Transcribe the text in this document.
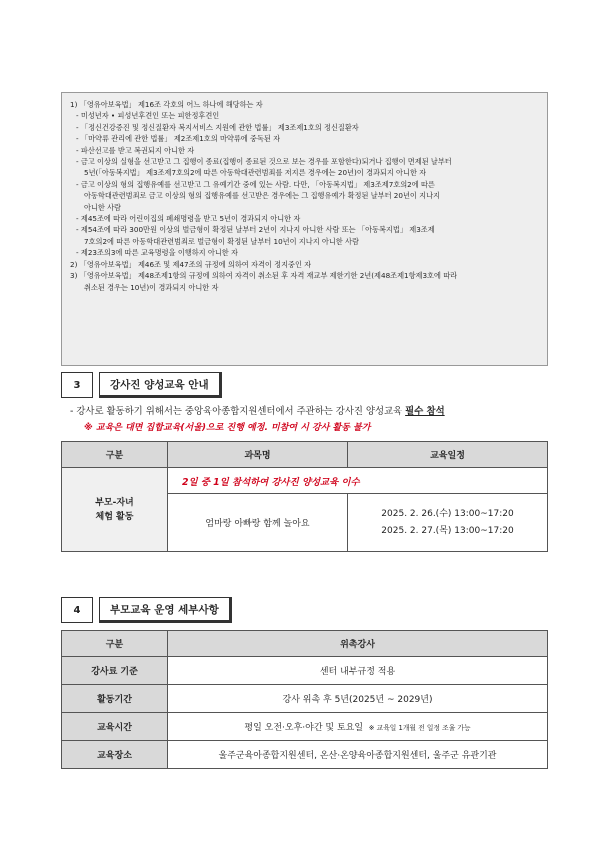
1) 「영유아보육법」 제16조 각호의 어느 하나에 해당하는 자
- 미성년자 • 피성년후견인 또는 피한정후견인
- 「정신건강증진 및 정신질환자 복지서비스 지원에 관한 법률」 제3조제1호의 정신질환자
- 「마약류 관리에 관한 법률」 제2조제1호의 마약류에 중독된 자
- 파산선고를 받고 복권되지 아니한 자
- 금고 이상의 실형을 선고받고 그 집행이 종료(집행이 종료된 것으로 보는 경우를 포함한다)되거나 집행이 면제된 날부터
5년(「아동복지법」 제3조제7호의2에 따른 아동학대관련범죄를 저지른 경우에는 20년)이 경과되지 아니한 자
- 금고 이상의 형의 집행유예를 선고받고 그 유예기간 중에 있는 사람. 다만, 「아동복지법」 제3조제7호의2에 따른
아동학대관련범죄로 금고 이상의 형의 집행유예를 선고받은 경우에는 그 집행유예가 확정된 날부터 20년이 지나지
아니한 사람
- 제45조에 따라 어린이집의 폐쇄명령을 받고 5년이 경과되지 아니한 자
- 제54조에 따라 300만원 이상의 벌금형이 확정된 날부터 2년이 지나지 아니한 사람 또는 「아동복지법」 제3조제
7호의2에 따른 아동학대관련범죄로 벌금형이 확정된 날부터 10년이 지나지 아니한 사람
- 제23조의3에 따른 교육명령을 이행하지 아니한 자
2) 「영유아보육법」 제46조 및 제47조의 규정에 의하여 자격이 정지중인 자
3) 「영유아보육법」 제48조제1항의 규정에 의하여 자격이 취소된 후 자격 재교부 제한기한 2년(제48조제1항제3호에 따라
취소된 경우는 10년)이 경과되지 아니한 자
3	강사진 양성교육 안내
- 강사로 활동하기 위해서는 중앙육아종합지원센터에서 주관하는 강사진 양성교육 필수 참석
※ 교육은 대면 집합교육(서울)으로 진행 예정. 미참여 시 강사 활동 불가
구분	과목명	교육일정
부모-자녀
체험 활동	2일 중 1일 참석하여 강사진 양성교육 이수	
	엄마랑 아빠랑 함께 놀아요	2025. 2. 26.(수) 13:00~17:20
2025. 2. 27.(목) 13:00~17:20
4	부모교육 운영 세부사항
구분	위촉강사
강사료 기준	센터 내부규정 적용
활동기간	강사 위촉 후 5년(2025년 ~ 2029년)
교육시간	평일 오전·오후·야간 및 토요일 ※ 교육일 1개월 전 일정 조율 가능
교육장소	울주군육아종합지원센터, 온산·온양육아종합지원센터, 울주군 유관기관
